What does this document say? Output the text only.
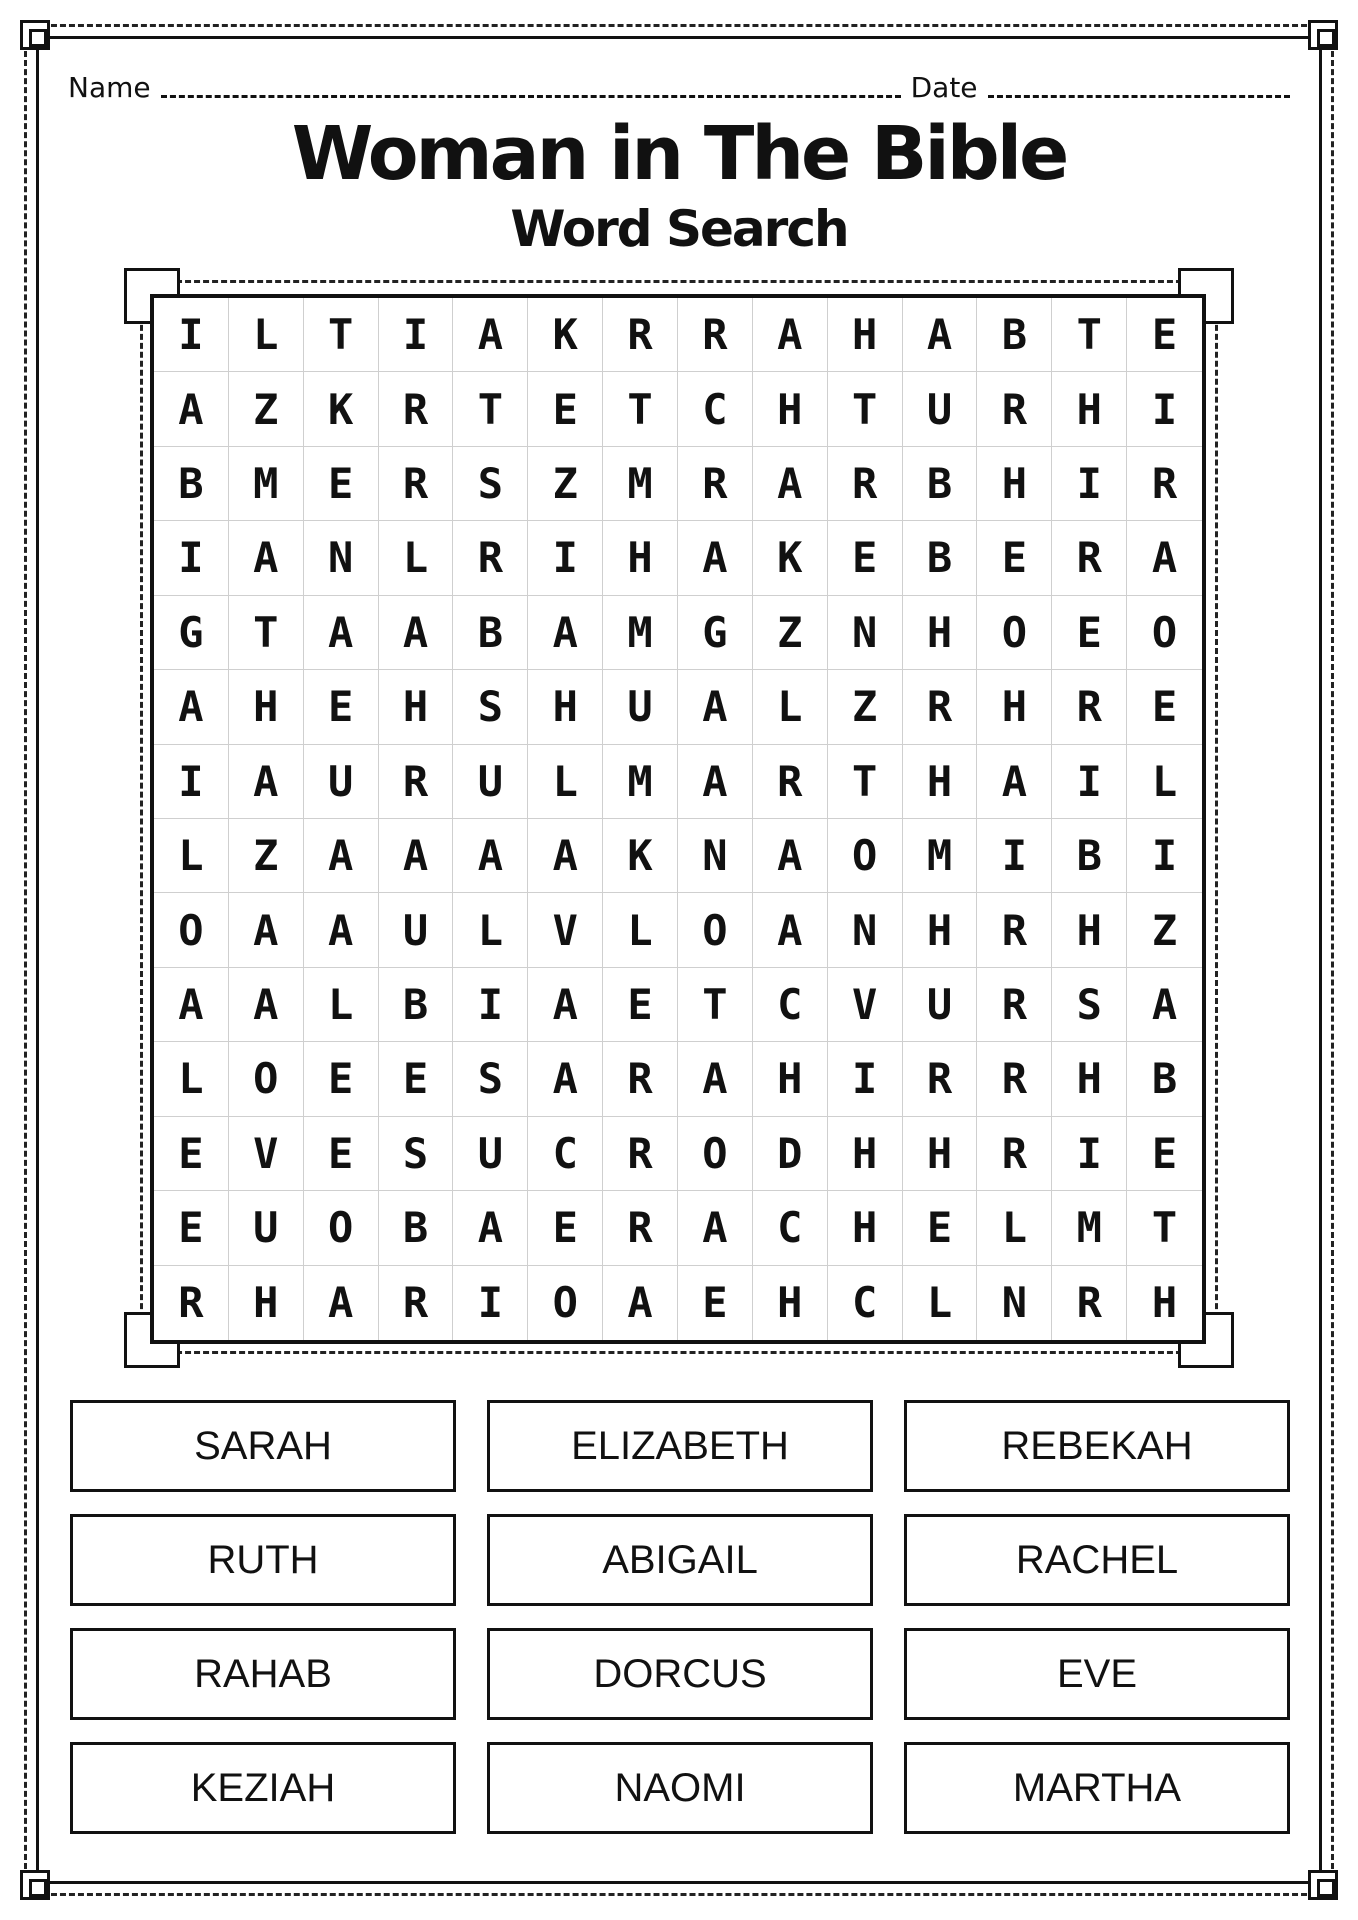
Name	Date
Woman in The Bible
Word Search
I	L	T	I	A	K	R	R	A	H	A	B	T	E
A	Z	K	R	T	E	T	C	H	T	U	R	H	I
B	M	E	R	S	Z	M	R	A	R	B	H	I	R
I	A	N	L	R	I	H	A	K	E	B	E	R	A
G	T	A	A	B	A	M	G	Z	N	H	O	E	O
A	H	E	H	S	H	U	A	L	Z	R	H	R	E
I	A	U	R	U	L	M	A	R	T	H	A	I	L
L	Z	A	A	A	A	K	N	A	O	M	I	B	I
O	A	A	U	L	V	L	O	A	N	H	R	H	Z
A	A	L	B	I	A	E	T	C	V	U	R	S	A
L	O	E	E	S	A	R	A	H	I	R	R	H	B
E	V	E	S	U	C	R	O	D	H	H	R	I	E
E	U	O	B	A	E	R	A	C	H	E	L	M	T
R	H	A	R	I	O	A	E	H	C	L	N	R	H
SARAH	ELIZABETH	REBEKAH
RUTH	ABIGAIL	RACHEL
RAHAB	DORCUS	EVE
KEZIAH	NAOMI	MARTHA
